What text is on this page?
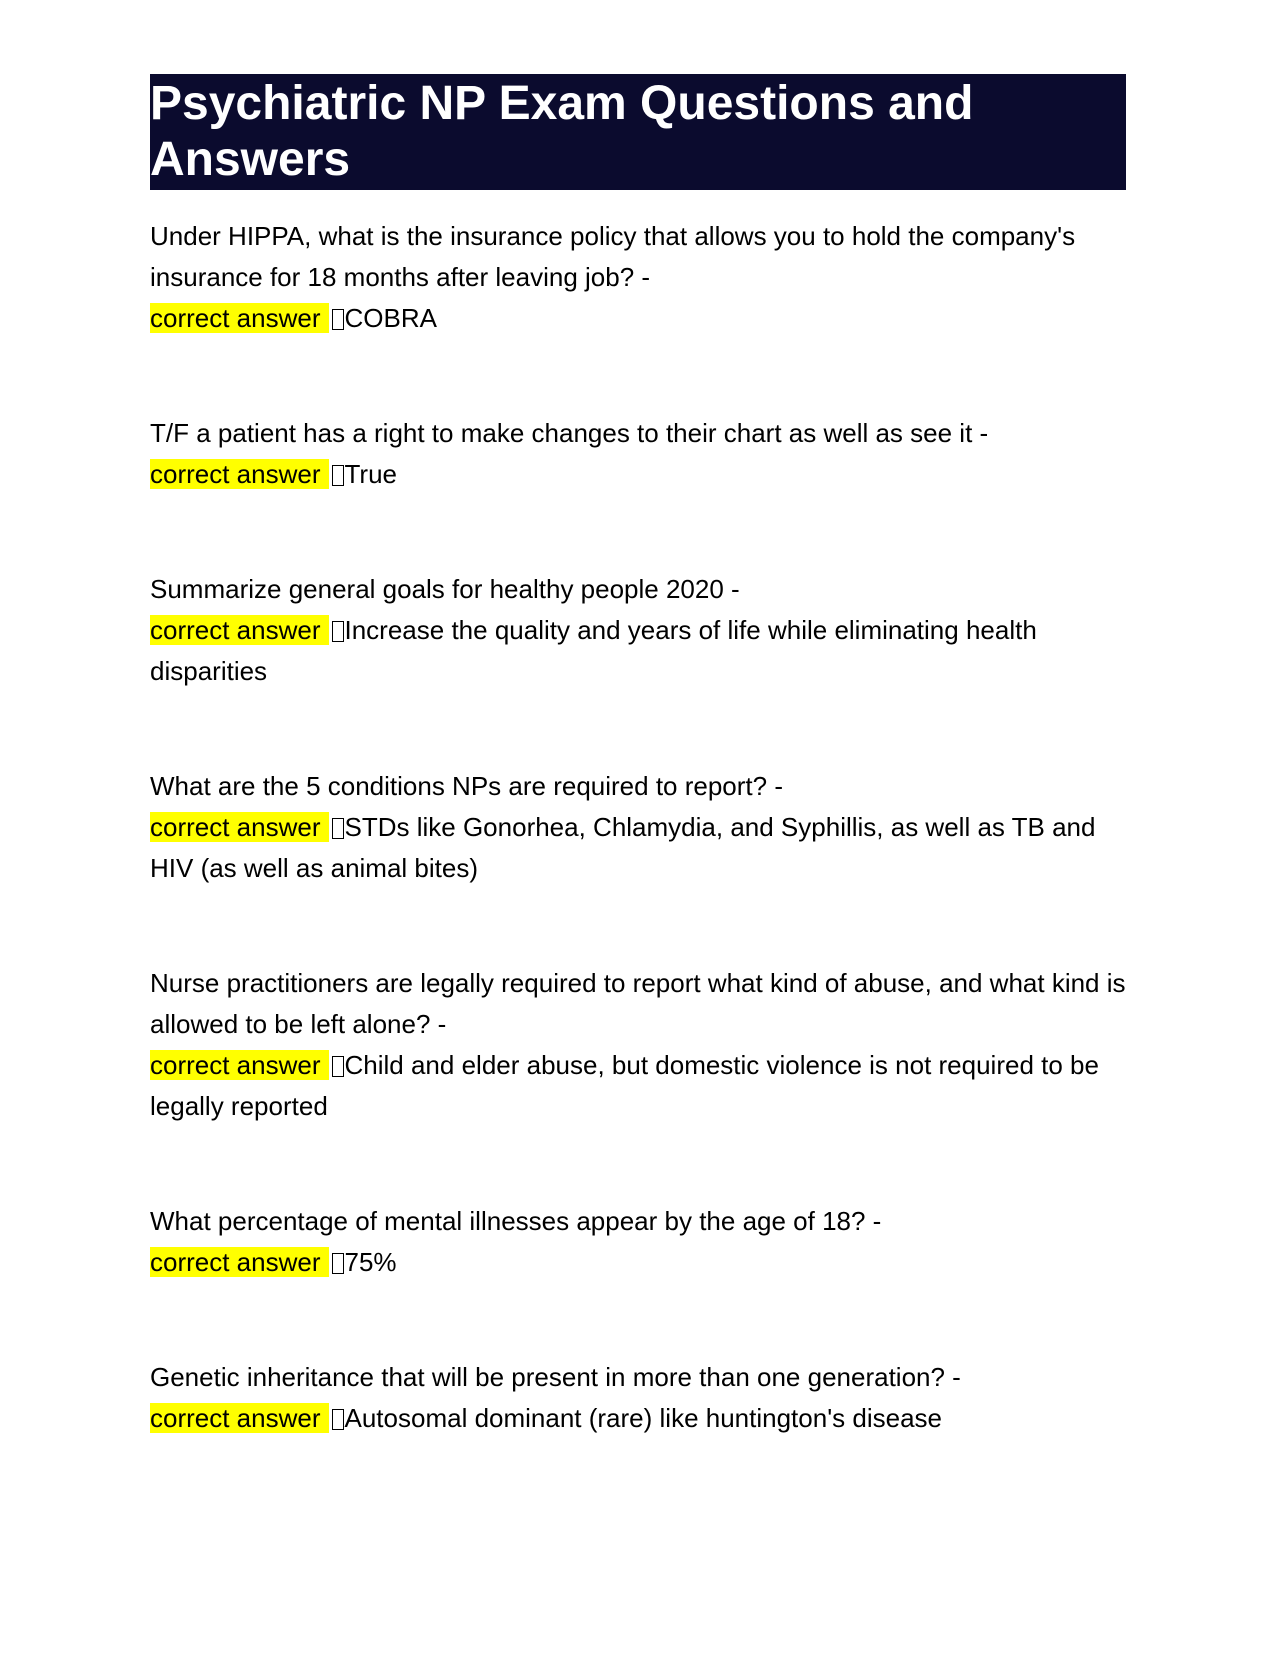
Psychiatric NP Exam Questions and Answers

Under HIPPA, what is the insurance policy that allows you to hold the company's insurance for 18 months after leaving job? -

correct answer COBRA

T/F a patient has a right to make changes to their chart as well as see it -

correct answer True

Summarize general goals for healthy people 2020 -

correct answer Increase the quality and years of life while eliminating health disparities

What are the 5 conditions NPs are required to report? -

correct answer STDs like Gonorhea, Chlamydia, and Syphillis, as well as TB and HIV (as well as animal bites)

Nurse practitioners are legally required to report what kind of abuse, and what kind is allowed to be left alone? -

correct answer Child and elder abuse, but domestic violence is not required to be legally reported

What percentage of mental illnesses appear by the age of 18? -

correct answer 75%

Genetic inheritance that will be present in more than one generation? -

correct answer Autosomal dominant (rare) like huntington's disease
